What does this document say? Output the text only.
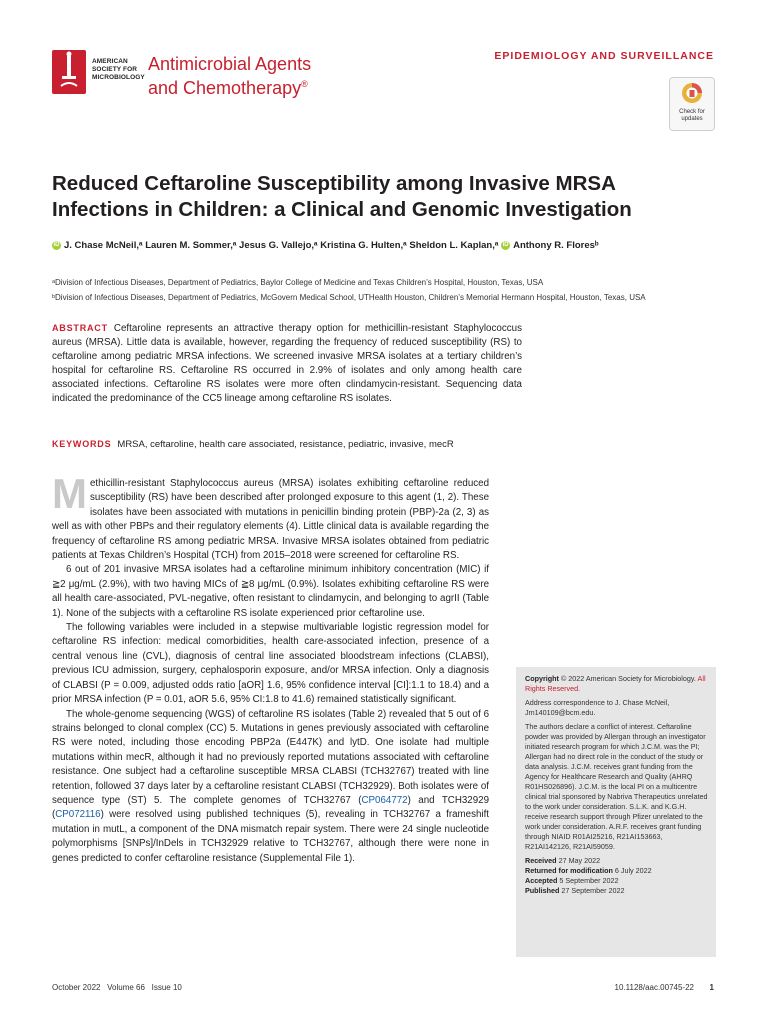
AMERICAN
SOCIETY FOR
MICROBIOLOGY
Antimicrobial Agents
and Chemotherapy®
EPIDEMIOLOGY AND SURVEILLANCE
Check for
updates
Reduced Ceftaroline Susceptibility among Invasive MRSA
Infections in Children: a Clinical and Genomic Investigation
iD J. Chase McNeil,ᵃ Lauren M. Sommer,ᵃ Jesus G. Vallejo,ᵃ Kristina G. Hulten,ᵃ Sheldon L. Kaplan,ᵃ iD Anthony R. Floresᵇ
ᵃDivision of Infectious Diseases, Department of Pediatrics, Baylor College of Medicine and Texas Children’s Hospital, Houston, Texas, USA
ᵇDivision of Infectious Diseases, Department of Pediatrics, McGovern Medical School, UTHealth Houston, Children’s Memorial Hermann Hospital, Houston, Texas, USA
ABSTRACT Ceftaroline represents an attractive therapy option for methicillin-resistant Staphylococcus aureus (MRSA). Little data is available, however, regarding the frequency of reduced susceptibility (RS) to ceftaroline among pediatric MRSA infections. We screened invasive MRSA isolates at a tertiary children’s hospital for ceftaroline RS. Ceftaroline RS occurred in 2.9% of isolates and only among health care associated infections. Ceftaroline RS isolates were more often clindamycin-resistant. Sequencing data indicated the predominance of the CC5 lineage among ceftaroline RS isolates.
KEYWORDS MRSA, ceftaroline, health care associated, resistance, pediatric, invasive, mecR

Methicillin-resistant Staphylococcus aureus (MRSA) isolates exhibiting ceftaroline reduced susceptibility (RS) have been described after prolonged exposure to this agent (1, 2). These isolates have been associated with mutations in penicillin binding protein (PBP)-2a (2, 3) as well as with other PBPs and their regulatory elements (4). Little clinical data is available regarding the frequency of ceftaroline RS among pediatric MRSA. Invasive MRSA isolates obtained from pediatric patients at Texas Children’s Hospital (TCH) from 2015–2018 were screened for ceftaroline RS.

6 out of 201 invasive MRSA isolates had a ceftaroline minimum inhibitory concentration (MIC) if ≧2 μg/mL (2.9%), with two having MICs of ≧8 μg/mL (0.9%). Isolates exhibiting ceftaroline RS were all health care-associated, PVL-negative, often resistant to clindamycin, and belonging to agrII (Table 1). None of the subjects with a ceftaroline RS isolate experienced prior ceftaroline use.

The following variables were included in a stepwise multivariable logistic regression model for ceftaroline RS infection: medical comorbidities, health care-associated infection, presence of a central venous line (CVL), diagnosis of central line associated bloodstream infections (CLABSI), previous ICU admission, surgery, cephalosporin exposure, and/or MRSA infection. Only a diagnosis of CLABSI (P = 0.009, adjusted odds ratio [aOR] 1.6, 95% confidence interval [CI]:1.1 to 18.4) and a prior MRSA infection (P = 0.01, aOR 5.6, 95% CI:1.8 to 41.6) remained statistically significant.

The whole-genome sequencing (WGS) of ceftaroline RS isolates (Table 2) revealed that 5 out of 6 strains belonged to clonal complex (CC) 5. Mutations in genes previously associated with ceftaroline RS were noted, including those encoding PBP2a (E447K) and lytD. One isolate had multiple mutations within mecR, although it had no previously reported mutations associated with ceftaroline resistance. One subject had a ceftaroline susceptible MRSA CLABSI (TCH32767) treated with line retention, followed 37 days later by a ceftaroline resistant CLABSI (TCH32929). Both isolates were of sequence type (ST) 5. The complete genomes of TCH32767 (CP064772) and TCH32929 (CP072116) were resolved using published techniques (5), revealing in TCH32767 a frameshift mutation in mutL, a component of the DNA mismatch repair system. There were 24 single nucleotide polymorphisms [SNPs]/InDels in TCH32929 relative to TCH32767, although there were none in genes predicted to confer ceftaroline resistance (Supplemental File 1).

Copyright © 2022 American Society for Microbiology. All Rights Reserved.

Address correspondence to J. Chase McNeil, Jm140109@bcm.edu.

The authors declare a conflict of interest. Ceftaroline powder was provided by Allergan through an investigator initiated research program for which J.C.M. was the PI; Allergan had no direct role in the conduct of the study or data analysis. J.C.M. receives grant funding from the Agency for Healthcare Research and Quality (AHRQ R01HS026896). J.C.M. is the local PI on a multicentre clinical trial sponsored by Nabriva Therapeutics unrelated to the work under consideration. S.L.K. and K.G.H. receive research support through Pfizer unrelated to the work under consideration. A.R.F. receives grant funding through NIAID R01AI25216, R21AI153663, R21AI142126, R21AI59059.

Received 27 May 2022
Returned for modification 6 July 2022
Accepted 5 September 2022
Published 27 September 2022
October 2022   Volume 66   Issue 10	10.1128/aac.00745-22 1
